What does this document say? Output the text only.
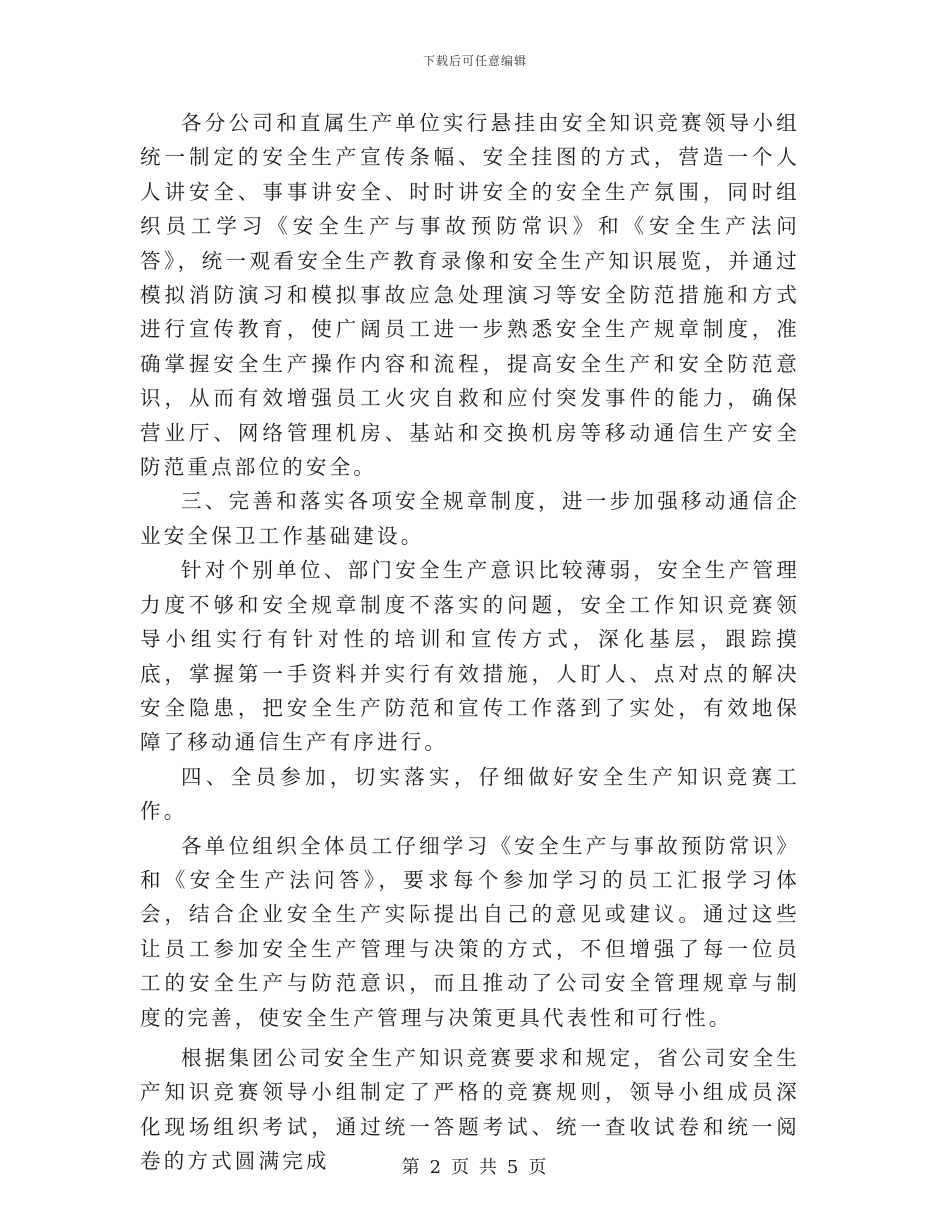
下载后可任意编辑

各分公司和直属生产单位实行悬挂由安全知识竞赛领导小组统一制定的安全生产宣传条幅、安全挂图的方式，营造一个人人讲安全、事事讲安全、时时讲安全的安全生产氛围，同时组织员工学习《安全生产与事故预防常识》和《安全生产法问答》，统一观看安全生产教育录像和安全生产知识展览，并通过模拟消防演习和模拟事故应急处理演习等安全防范措施和方式进行宣传教育，使广阔员工进一步熟悉安全生产规章制度，准确掌握安全生产操作内容和流程，提高安全生产和安全防范意识，从而有效增强员工火灾自救和应付突发事件的能力，确保营业厅、网络管理机房、基站和交换机房等移动通信生产安全防范重点部位的安全。

三、完善和落实各项安全规章制度，进一步加强移动通信企业安全保卫工作基础建设。

针对个别单位、部门安全生产意识比较薄弱，安全生产管理力度不够和安全规章制度不落实的问题，安全工作知识竞赛领导小组实行有针对性的培训和宣传方式，深化基层，跟踪摸底，掌握第一手资料并实行有效措施，人盯人、点对点的解决安全隐患，把安全生产防范和宣传工作落到了实处，有效地保障了移动通信生产有序进行。

四、全员参加，切实落实，仔细做好安全生产知识竞赛工作。

各单位组织全体员工仔细学习《安全生产与事故预防常识》和《安全生产法问答》，要求每个参加学习的员工汇报学习体会，结合企业安全生产实际提出自己的意见或建议。通过这些让员工参加安全生产管理与决策的方式，不但增强了每一位员工的安全生产与防范意识，而且推动了公司安全管理规章与制度的完善，使安全生产管理与决策更具代表性和可行性。

根据集团公司安全生产知识竞赛要求和规定，省公司安全生产知识竞赛领导小组制定了严格的竞赛规则，领导小组成员深化现场组织考试，通过统一答题考试、统一查收试卷和统一阅卷的方式圆满完成	第 2 页 共 5 页
